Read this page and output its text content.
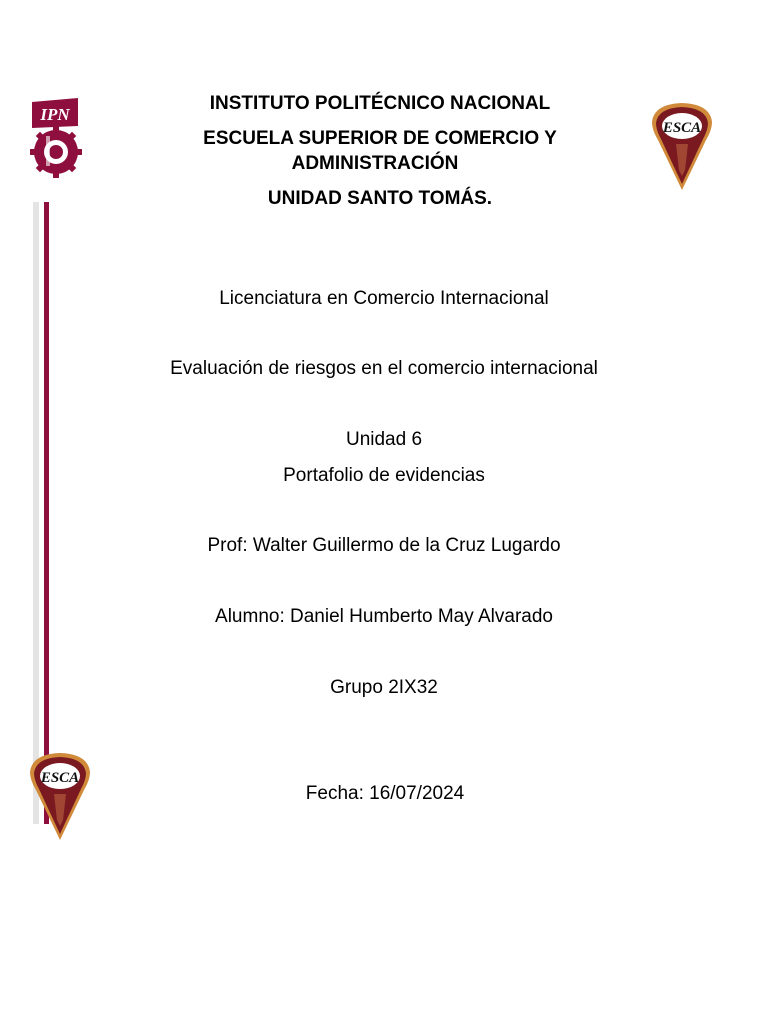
IPN
ESCA
ESCA
INSTITUTO POLITÉCNICO NACIONAL
ESCUELA SUPERIOR DE COMERCIO Y
ADMINISTRACIÓN
UNIDAD SANTO TOMÁS.
Licenciatura en Comercio Internacional
Evaluación de riesgos en el comercio internacional
Unidad 6
Portafolio de evidencias
Prof: Walter Guillermo de la Cruz Lugardo
Alumno: Daniel Humberto May Alvarado
Grupo 2IX32
Fecha: 16/07/2024
